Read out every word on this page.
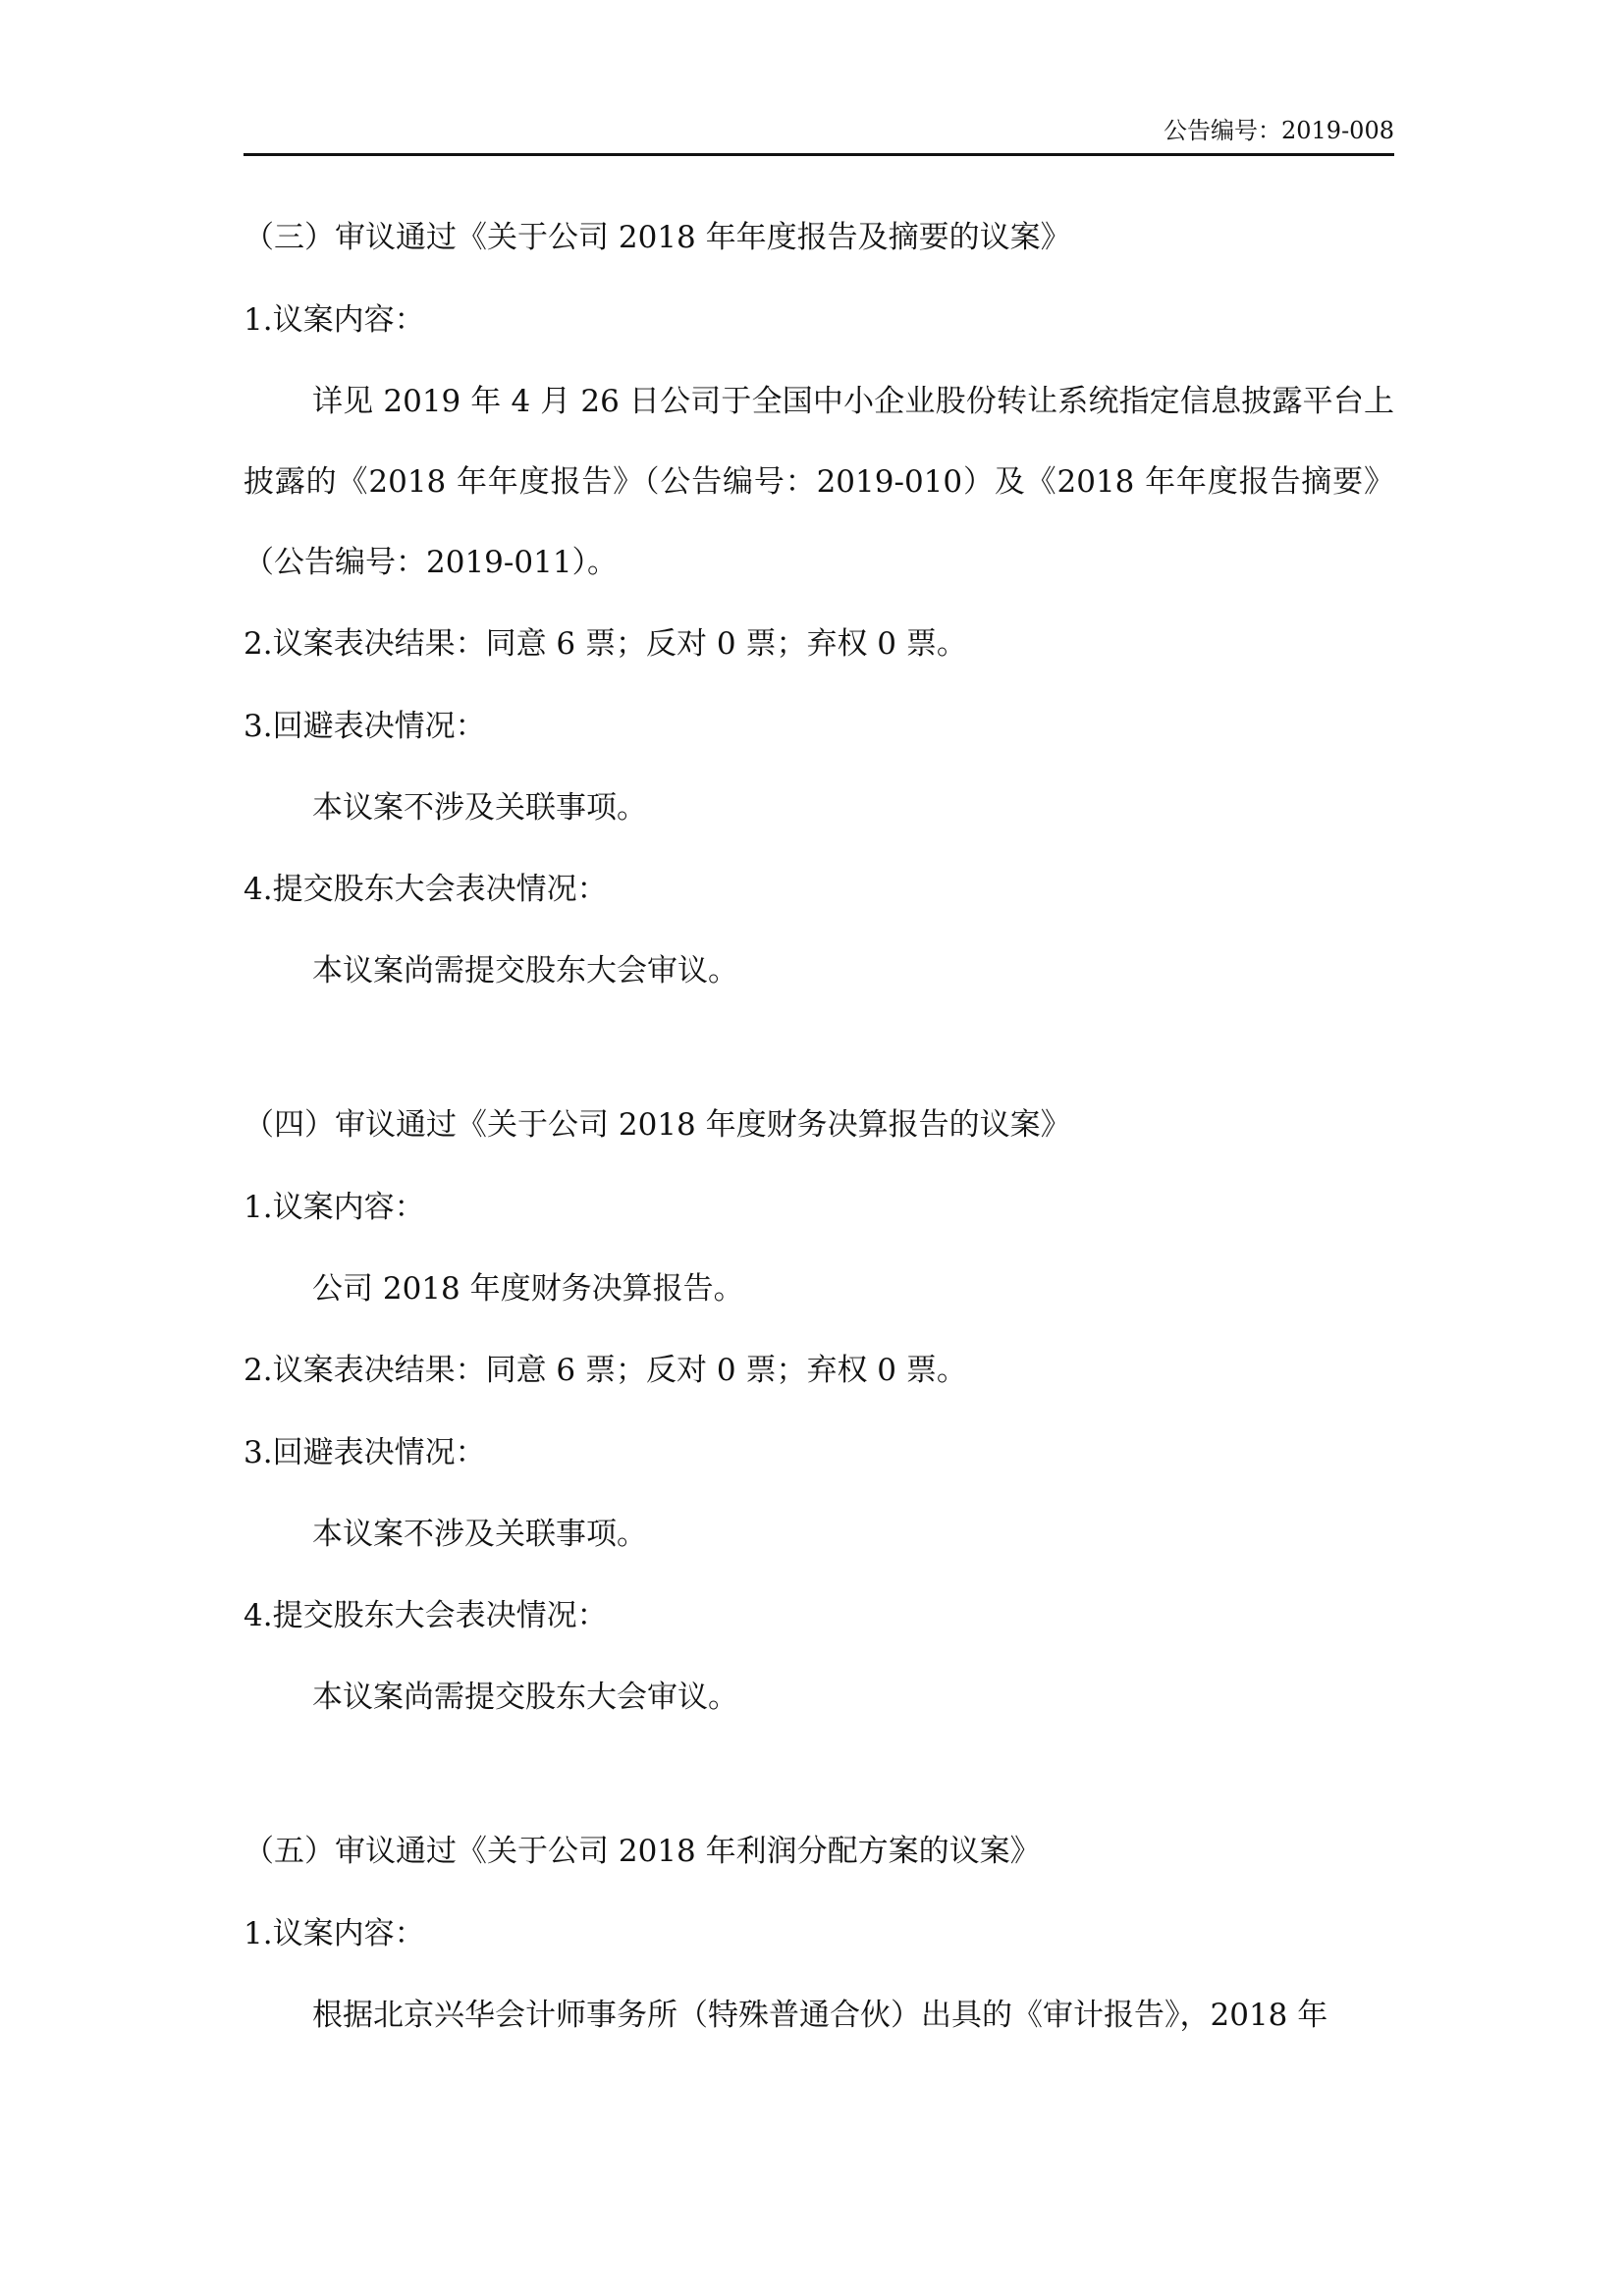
公告编号：2019-008

（三）审议通过《关于公司 2018 年年度报告及摘要的议案》

1.议案内容：

详见 2019 年 4 月 26 日公司于全国中小企业股份转让系统指定信息披露平台上披露的《2018 年年度报告》（公告编号：2019-010）及《2018 年年度报告摘要》（公告编号：2019-011）。

2.议案表决结果：同意 6 票；反对 0 票；弃权 0 票。

3.回避表决情况：

本议案不涉及关联事项。

4.提交股东大会表决情况：

本议案尚需提交股东大会审议。

（四）审议通过《关于公司 2018 年度财务决算报告的议案》

1.议案内容：

公司 2018 年度财务决算报告。

2.议案表决结果：同意 6 票；反对 0 票；弃权 0 票。

3.回避表决情况：

本议案不涉及关联事项。

4.提交股东大会表决情况：

本议案尚需提交股东大会审议。

（五）审议通过《关于公司 2018 年利润分配方案的议案》

1.议案内容：

根据北京兴华会计师事务所（特殊普通合伙）出具的《审计报告》，2018 年
